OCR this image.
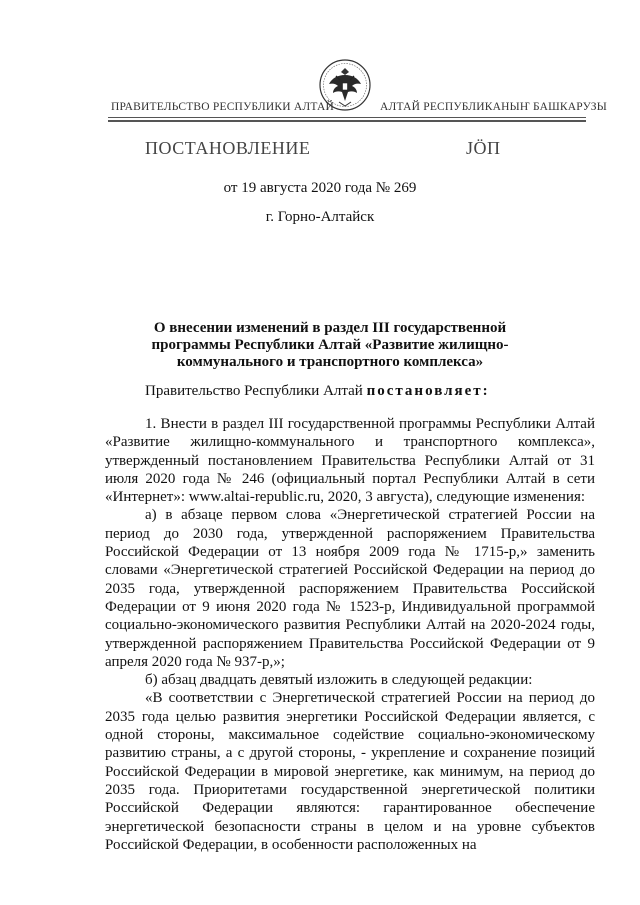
ПРАВИТЕЛЬСТВО РЕСПУБЛИКИ АЛТАЙ	АЛТАЙ РЕСПУБЛИКАНЫҤ БАШКАРУЗЫ
ПОСТАНОВЛЕНИЕ	ЈӦП
от 19 августа 2020 года № 269
г. Горно-Алтайск
О внесении изменений в раздел III государственной программы Республики Алтай «Развитие жилищно-коммунального и транспортного комплекса»
Правительство Республики Алтай постановляет:

1. Внести в раздел III государственной программы Республики Алтай «Развитие жилищно-коммунального и транспортного комплекса», утвержденный постановлением Правительства Республики Алтай от 31 июля 2020 года № 246 (официальный портал Республики Алтай в сети «Интернет»: www.altai-republic.ru, 2020, 3 августа), следующие изменения:

а) в абзаце первом слова «Энергетической стратегией России на период до 2030 года, утвержденной распоряжением Правительства Российской Федерации от 13 ноября 2009 года № 1715-р,» заменить словами «Энергетической стратегией Российской Федерации на период до 2035 года, утвержденной распоряжением Правительства Российской Федерации от 9 июня 2020 года № 1523-р, Индивидуальной программой социально-экономического развития Республики Алтай на 2020-2024 годы, утвержденной распоряжением Правительства Российской Федерации от 9 апреля 2020 года № 937-р,»;

б) абзац двадцать девятый изложить в следующей редакции:

«В соответствии с Энергетической стратегией России на период до 2035 года целью развития энергетики Российской Федерации является, с одной стороны, максимальное содействие социально-экономическому развитию страны, а с другой стороны, - укрепление и сохранение позиций Российской Федерации в мировой энергетике, как минимум, на период до 2035 года. Приоритетами государственной энергетической политики Российской Федерации являются: гарантированное обеспечение энергетической безопасности страны в целом и на уровне субъектов Российской Федерации, в особенности расположенных на
